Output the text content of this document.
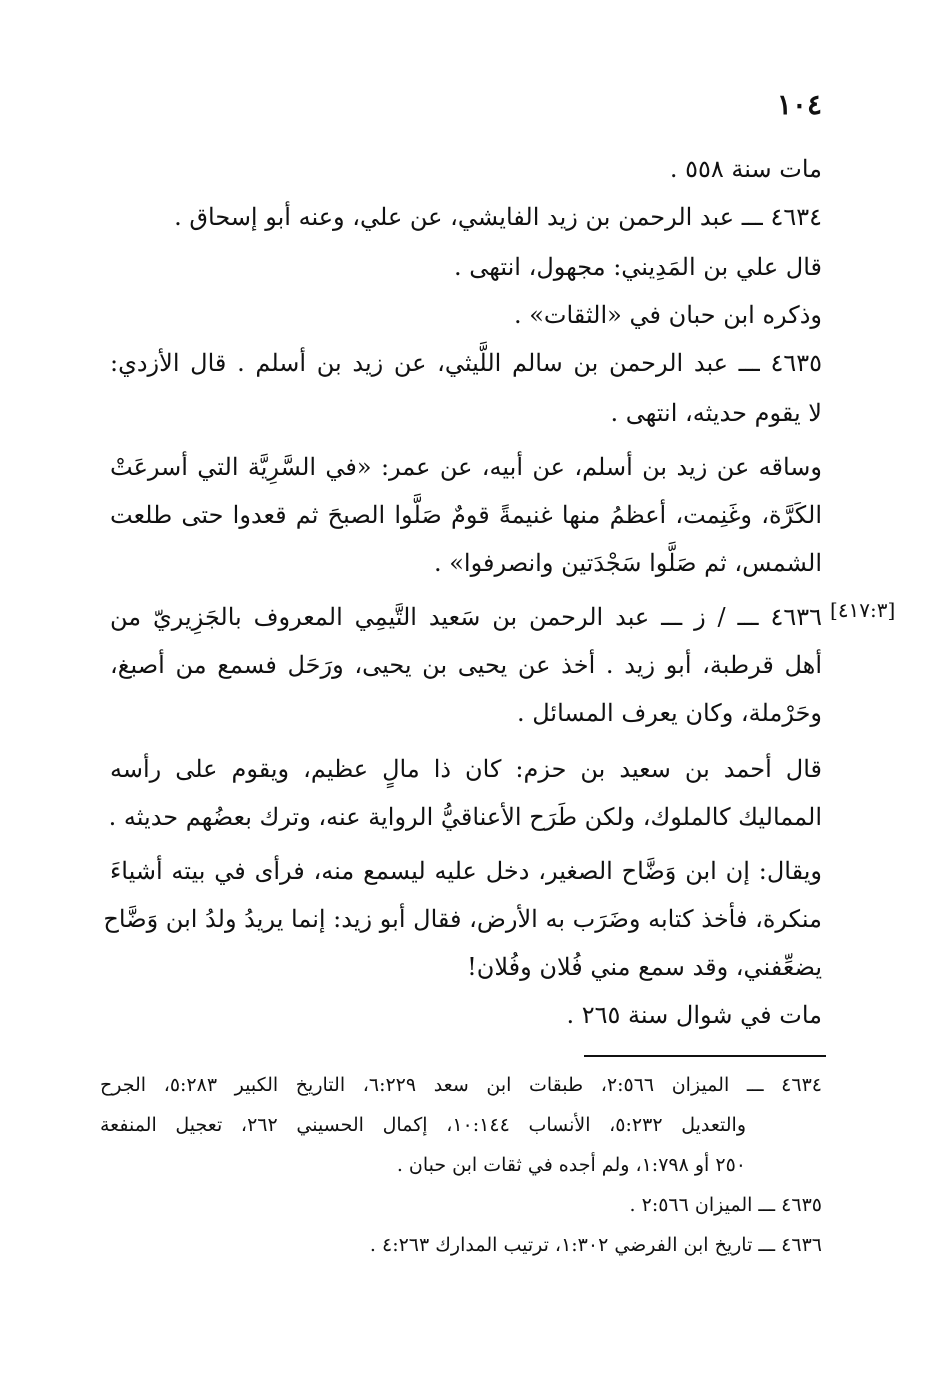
١٠٤
مات سنة ٥٥٨ .
٤٦٣٤ ـــ عبد الرحمن بن زيد الفايشي، عن علي، وعنه أبو إسحاق .
قال علي بن المَدِيني: مجهول، انتهى .
وذكره ابن حبان في «الثقات» .
٤٦٣٥ ـــ عبد الرحمن بن سالم اللَّيثي، عن زيد بن أسلم . قال الأزدي:
لا يقوم حديثه، انتهى .
وساقه عن زيد بن أسلم، عن أبيه، عن عمر: «في السَّرِيَّة التي أسرعَتْ
الكَرَّة، وغَنِمت، أعظمُ منها غنيمةً قومٌ صَلَّوا الصبحَ ثم قعدوا حتى طلعت
الشمس، ثم صَلَّوا سَجْدَتين وانصرفوا» .
[٤١٧:٣]
٤٦٣٦ ـــ / ز ـــ عبد الرحمن بن سَعيد التَّيمِي المعروف بالجَزِيريّ من
أهل قرطبة، أبو زيد . أخذ عن يحيى بن يحيى، ورَحَل فسمع من أصبغ،
وحَرْملة، وكان يعرف المسائل .
قال أحمد بن سعيد بن حزم: كان ذا مالٍ عظيم، ويقوم على رأسه
المماليك كالملوك، ولكن طَرَح الأعناقيُّ الرواية عنه، وترك بعضُهم حديثه .
ويقال: إن ابن وَضَّاح الصغير، دخل عليه ليسمع منه، فرأى في بيته أشياءَ
منكرة، فأخذ كتابه وضَرَب به الأرض، فقال أبو زيد: إنما يريدُ ولدُ ابن وَضَّاح
يضعِّفني، وقد سمع مني فُلان وفُلان!
مات في شوال سنة ٢٦٥ .
٤٦٣٤ ـــ الميزان ٢:٥٦٦، طبقات ابن سعد ٦:٢٢٩، التاريخ الكبير ٥:٢٨٣، الجرح
والتعديل ٥:٢٣٢، الأنساب ١٠:١٤٤، إكمال الحسيني ٢٦٢، تعجيل المنفعة
٢٥٠ أو ١:٧٩٨، ولم أجده في ثقات ابن حبان .
٤٦٣٥ ـــ الميزان ٢:٥٦٦ .
٤٦٣٦ ـــ تاريخ ابن الفرضي ١:٣٠٢، ترتيب المدارك ٤:٢٦٣ .
